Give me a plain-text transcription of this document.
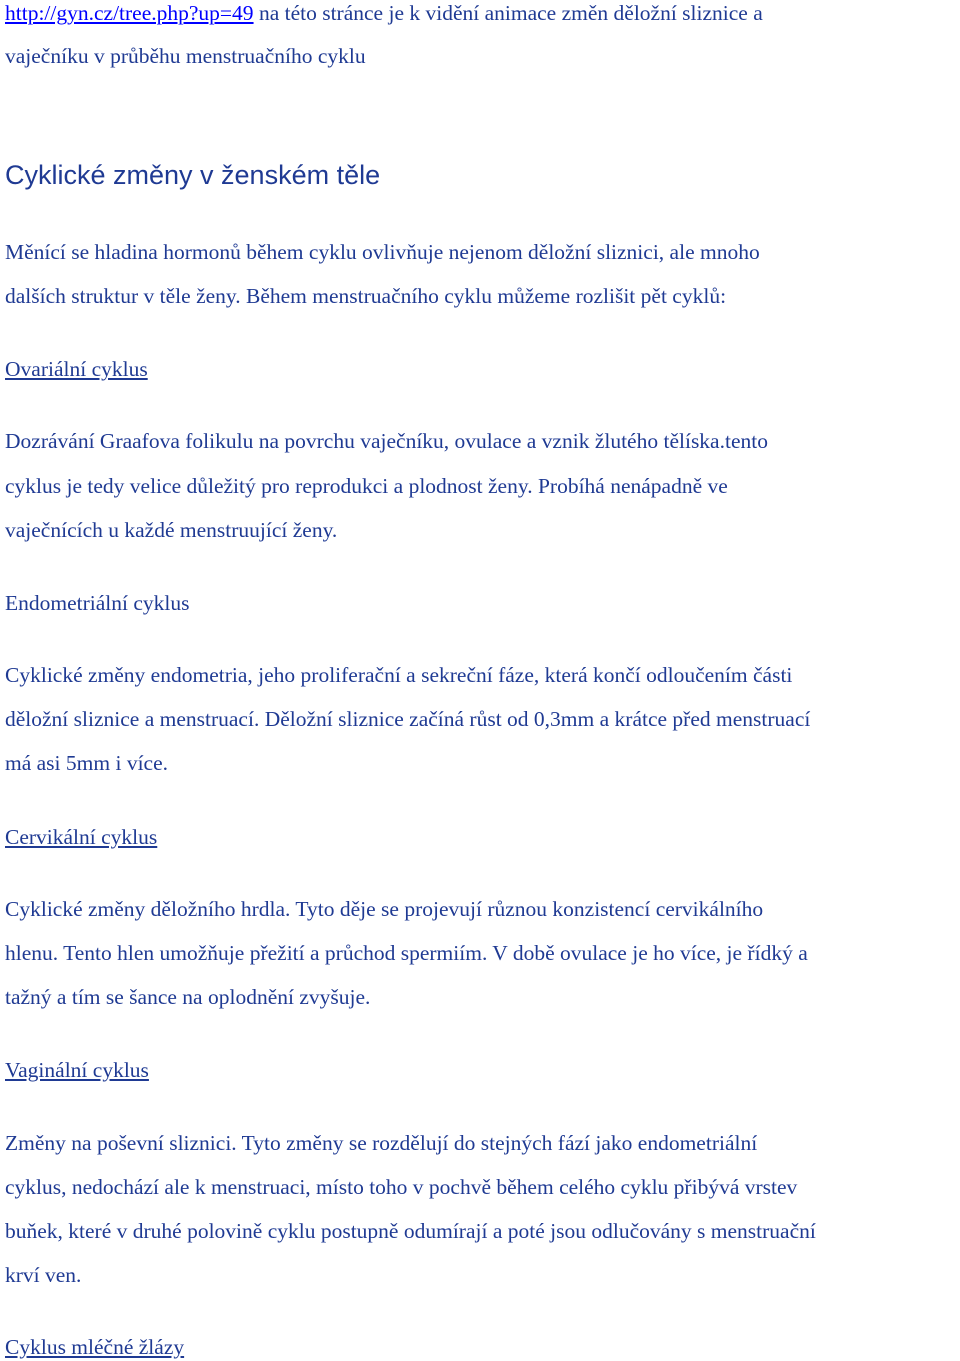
http://gyn.cz/tree.php?up=49 na této stránce je k vidění animace změn děložní sliznice a
vaječníku v průběhu menstruačního cyklu
Cyklické změny v ženském těle
Měnící se hladina hormonů během cyklu ovlivňuje nejenom děložní sliznici, ale mnoho
dalších struktur v těle ženy. Během menstruačního cyklu můžeme rozlišit pět cyklů:
Ovariální cyklus
Dozrávání Graafova folikulu na povrchu vaječníku, ovulace a vznik žlutého tělíska.tento
cyklus je tedy velice důležitý pro reprodukci a plodnost ženy. Probíhá nenápadně ve
vaječnících u každé menstruující ženy.
Endometriální cyklus
Cyklické změny endometria, jeho proliferační a sekreční fáze, která končí odloučením části
děložní sliznice a menstruací. Děložní sliznice začíná růst od 0,3mm a krátce před menstruací
má asi 5mm i více.
Cervikální cyklus
Cyklické změny děložního hrdla. Tyto děje se projevují různou konzistencí cervikálního
hlenu. Tento hlen umožňuje přežití a průchod spermiím. V době ovulace je ho více, je řídký a
tažný a tím se šance na oplodnění zvyšuje.
Vaginální cyklus
Změny na poševní sliznici. Tyto změny se rozdělují do stejných fází jako endometriální
cyklus, nedochází ale k menstruaci, místo toho v pochvě během celého cyklu přibývá vrstev
buňek, které v druhé polovině cyklu postupně odumírají a poté jsou odlučovány s menstruační
krví ven.
Cyklus mléčné žlázy
